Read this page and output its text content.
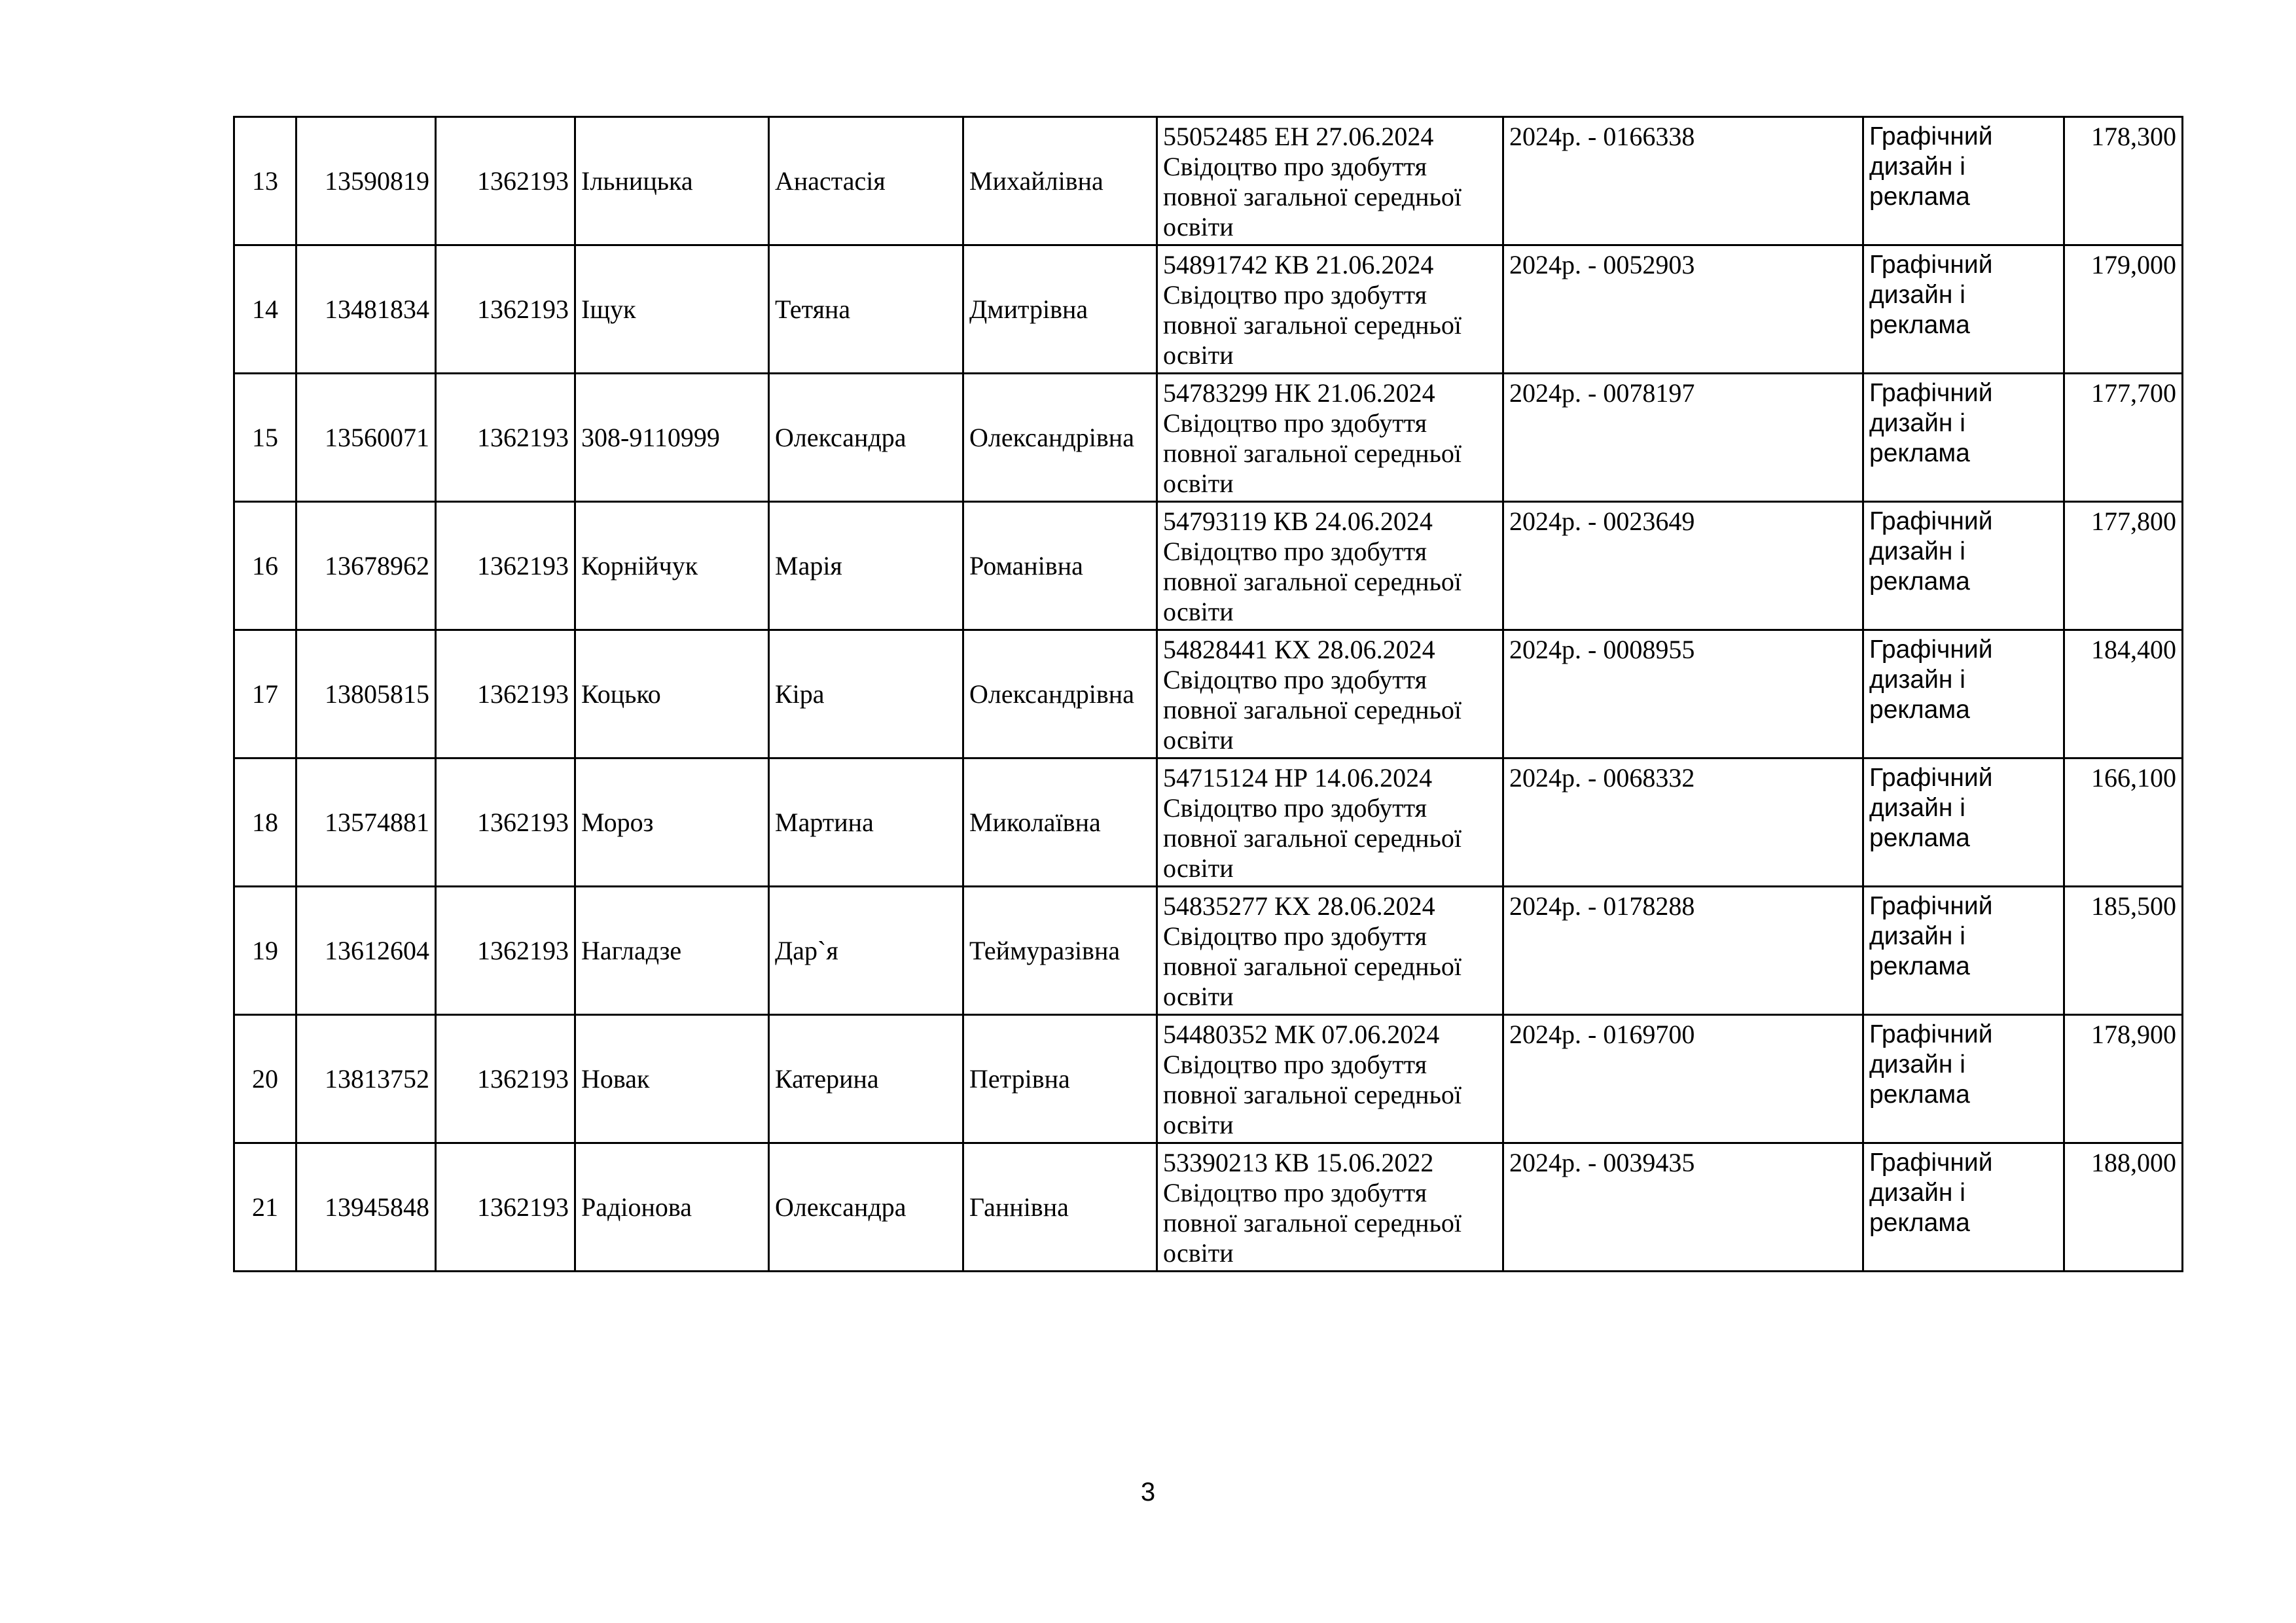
13	13590819	1362193	Ільницька	Анастасія	Михайлівна	55052485 ЕН 27.06.2024
Свідоцтво про здобуття
повної загальної середньої
освіти	2024р. - 0166338	Графічний
дизайн і
реклама	178,300
14	13481834	1362193	Іщук	Тетяна	Дмитрівна	54891742 КВ 21.06.2024
Свідоцтво про здобуття
повної загальної середньої
освіти	2024р. - 0052903	Графічний
дизайн і
реклама	179,000
15	13560071	1362193	308-9110999	Олександра	Олександрівна	54783299 НК 21.06.2024
Свідоцтво про здобуття
повної загальної середньої
освіти	2024р. - 0078197	Графічний
дизайн і
реклама	177,700
16	13678962	1362193	Корнійчук	Марія	Романівна	54793119 КВ 24.06.2024
Свідоцтво про здобуття
повної загальної середньої
освіти	2024р. - 0023649	Графічний
дизайн і
реклама	177,800
17	13805815	1362193	Коцько	Кіра	Олександрівна	54828441 КХ 28.06.2024
Свідоцтво про здобуття
повної загальної середньої
освіти	2024р. - 0008955	Графічний
дизайн і
реклама	184,400
18	13574881	1362193	Мороз	Мартина	Миколаївна	54715124 НР 14.06.2024
Свідоцтво про здобуття
повної загальної середньої
освіти	2024р. - 0068332	Графічний
дизайн і
реклама	166,100
19	13612604	1362193	Нагладзе	Дар`я	Теймуразівна	54835277 КХ 28.06.2024
Свідоцтво про здобуття
повної загальної середньої
освіти	2024р. - 0178288	Графічний
дизайн і
реклама	185,500
20	13813752	1362193	Новак	Катерина	Петрівна	54480352 МК 07.06.2024
Свідоцтво про здобуття
повної загальної середньої
освіти	2024р. - 0169700	Графічний
дизайн і
реклама	178,900
21	13945848	1362193	Радіонова	Олександра	Ганнівна	53390213 КВ 15.06.2022
Свідоцтво про здобуття
повної загальної середньої
освіти	2024р. - 0039435	Графічний
дизайн і
реклама	188,000
3
